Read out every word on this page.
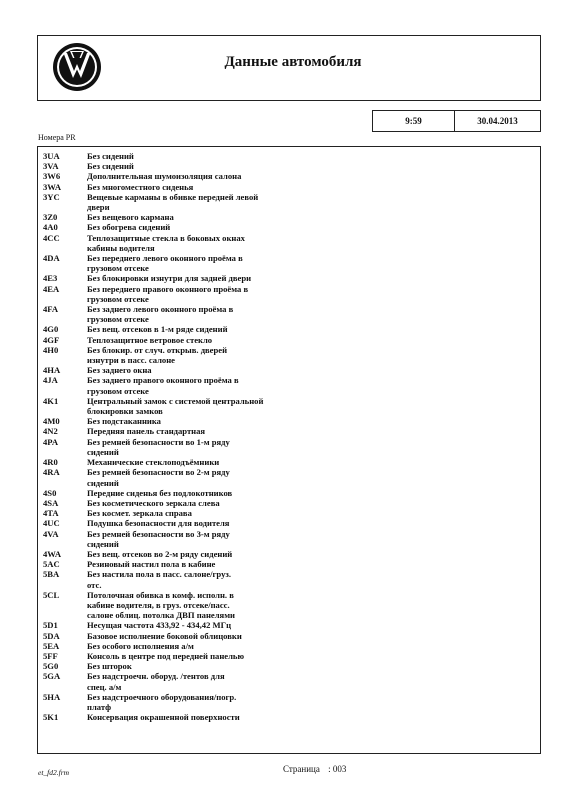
Данные автомобиля
9:59	30.04.2013
Номера PR
3UA	Без сидений
3VA	Без сидений
3W6	Дополнительная шумоизоляция салона
3WA	Без многоместного сиденья
3YC	Вещевые карманы в обивке передней левой
двери
3Z0	Без вещевого кармана
4A0	Без обогрева сидений
4CC	Теплозащитные стекла в боковых окнах
кабины водителя
4DA	Без переднего левого оконного проёма в
грузовом отсеке
4E3	Без блокировки изнутри для задней двери
4EA	Без переднего правого оконного проёма в
грузовом отсеке
4FA	Без заднего левого оконного проёма в
грузовом отсеке
4G0	Без вещ. отсеков в 1-м ряде сидений
4GF	Теплозащитное ветровое стекло
4H0	Без блокир. от случ. открыв. дверей
изнутри в пасс. салоне
4HA	Без заднего окна
4JA	Без заднего правого оконного проёма в
грузовом отсеке
4K1	Центральный замок с системой центральной
блокировки замков
4M0	Без подстаканника
4N2	Передняя панель стандартная
4PA	Без ремней безопасности во 1-м ряду
сидений
4R0	Механические стеклоподъёмники
4RA	Без ремней безопасности во 2-м ряду
сидений
4S0	Передние сиденья без подлокотников
4SA	Без косметического зеркала слева
4TA	Без космет. зеркала справа
4UC	Подушка безопасности для водителя
4VA	Без ремней безопасности во 3-м ряду
сидений
4WA	Без вещ. отсеков во 2-м ряду сидений
5AC	Резиновый настил пола в кабине
5BA	Без настила пола в пасс. салоне/груз.
отс.
5CL	Потолочная обивка в комф. исполн. в
кабине водителя, в груз. отсеке/пасс.
салоне облиц. потолка ДВП панелями
5D1	Несущая частота 433,92 - 434,42 МГц
5DA	Базовое исполнение боковой облицовки
5EA	Без особого исполнения а/м
5FF	Консоль в центре под передней панелью
5G0	Без шторок
5GA	Без надстроечн. оборуд. /тентов для
спец. а/м
5HA	Без надстроечного оборудования/погр.
платф
5K1	Консервация окрашенной поверхности
et_fd2.frm	Страница : 003
